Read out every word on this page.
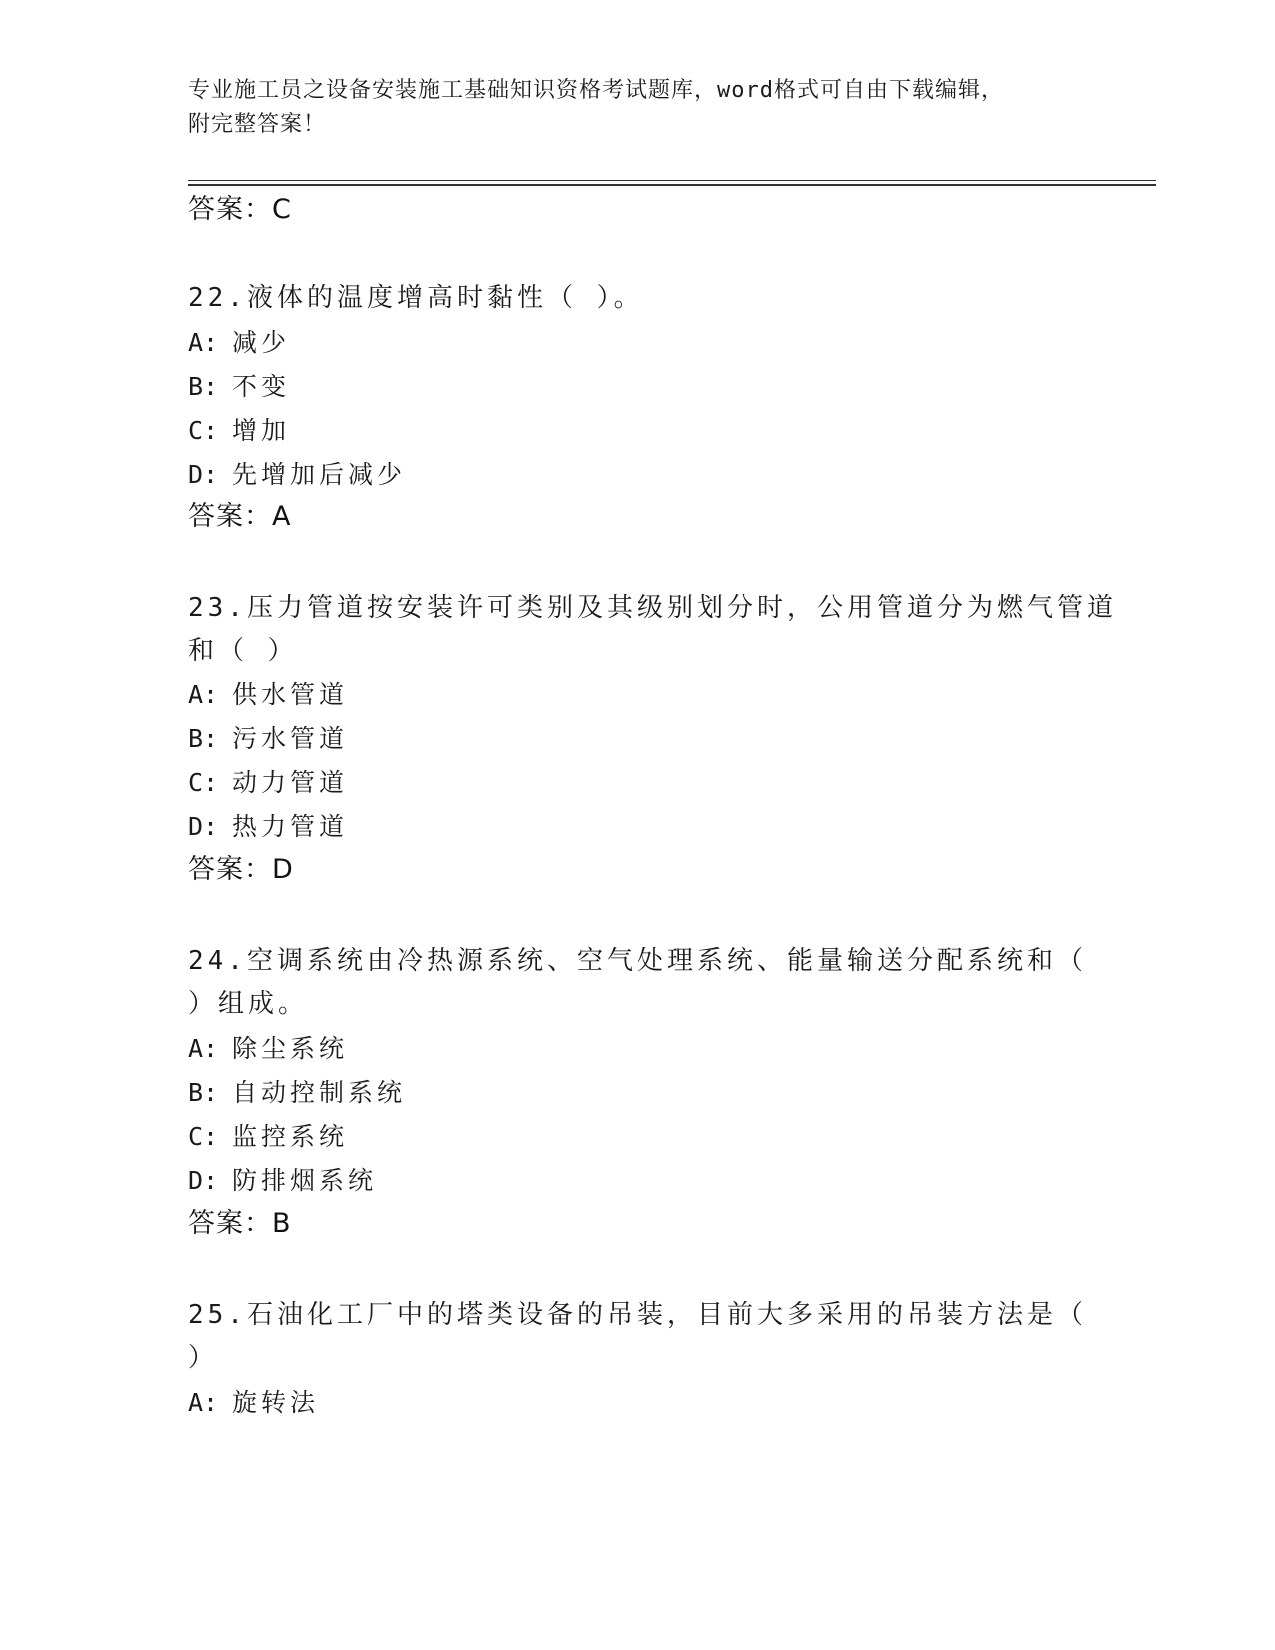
专业施工员之设备安装施工基础知识资格考试题库，word格式可自由下载编辑，
附完整答案！
答案：C
22.液体的温度增高时黏性（ ）。
A: 减少
B: 不变
C: 增加
D: 先增加后减少
答案：A
23.压力管道按安装许可类别及其级别划分时，公用管道分为燃气管道
和（ ）
A: 供水管道
B: 污水管道
C: 动力管道
D: 热力管道
答案：D
24.空调系统由冷热源系统、空气处理系统、能量输送分配系统和（
）组成。
A: 除尘系统
B: 自动控制系统
C: 监控系统
D: 防排烟系统
答案：B
25.石油化工厂中的塔类设备的吊装，目前大多采用的吊装方法是（
）
A: 旋转法
